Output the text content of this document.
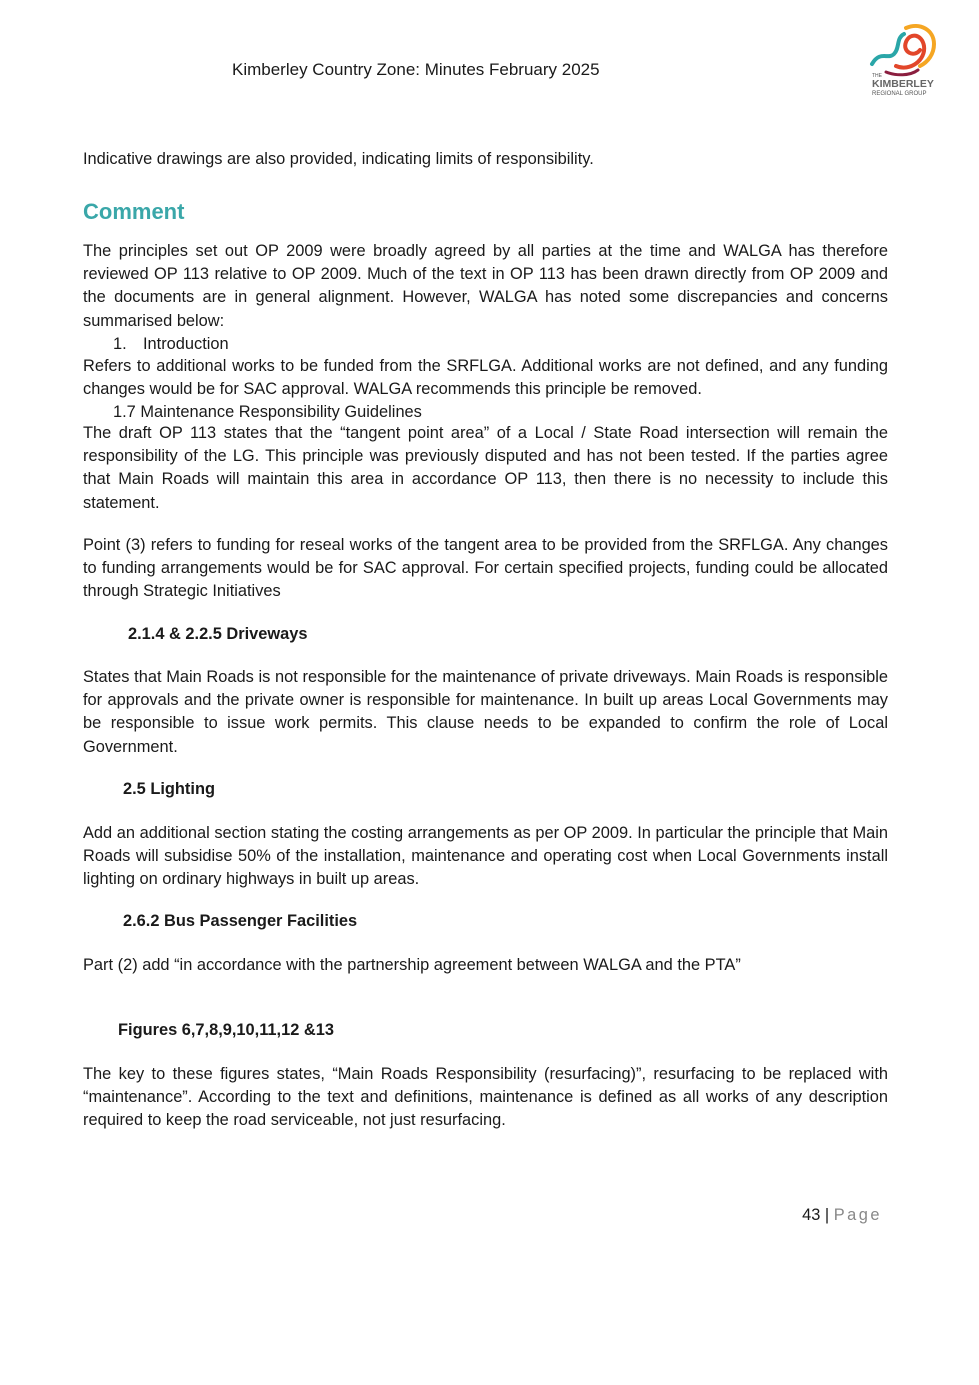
Kimberley Country Zone: Minutes February 2025	THE
KIMBERLEY
REGIONAL GROUP
Indicative drawings are also provided, indicating limits of responsibility.
Comment
The principles set out OP 2009 were broadly agreed by all parties at the time and WALGA has therefore reviewed OP 113 relative to OP 2009. Much of the text in OP 113 has been drawn directly from OP 2009 and the documents are in general alignment. However, WALGA has noted some discrepancies and concerns summarised below:
1. Introduction
Refers to additional works to be funded from the SRFLGA. Additional works are not defined, and any funding changes would be for SAC approval. WALGA recommends this principle be removed.
1.7 Maintenance Responsibility Guidelines
The draft OP 113 states that the “tangent point area” of a Local / State Road intersection will remain the responsibility of the LG. This principle was previously disputed and has not been tested. If the parties agree that Main Roads will maintain this area in accordance OP 113, then there is no necessity to include this statement.
Point (3) refers to funding for reseal works of the tangent area to be provided from the SRFLGA. Any changes to funding arrangements would be for SAC approval. For certain specified projects, funding could be allocated through Strategic Initiatives
2.1.4 & 2.2.5 Driveways
States that Main Roads is not responsible for the maintenance of private driveways. Main Roads is responsible for approvals and the private owner is responsible for maintenance. In built up areas Local Governments may be responsible to issue work permits. This clause needs to be expanded to confirm the role of Local Government.
2.5 Lighting
Add an additional section stating the costing arrangements as per OP 2009. In particular the principle that Main Roads will subsidise 50% of the installation, maintenance and operating cost when Local Governments install lighting on ordinary highways in built up areas.
2.6.2 Bus Passenger Facilities
Part (2) add “in accordance with the partnership agreement between WALGA and the PTA”
Figures 6,7,8,9,10,11,12 &13
The key to these figures states, “Main Roads Responsibility (resurfacing)”, resurfacing to be replaced with “maintenance”. According to the text and definitions, maintenance is defined as all works of any description required to keep the road serviceable, not just resurfacing.
43 | Page
